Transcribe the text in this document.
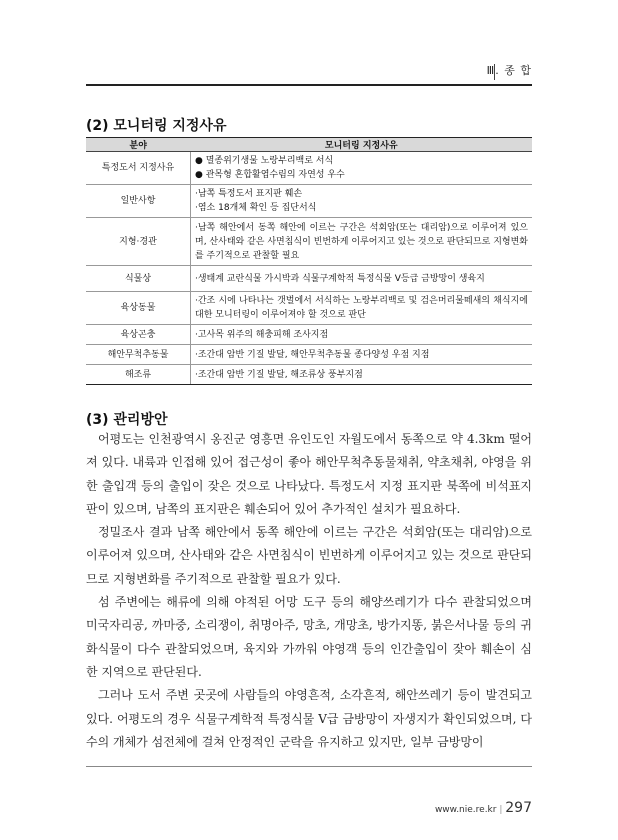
Ⅲ. 종 합
(2) 모니터링 지정사유
분야	모니터링 지정사유
특정도서 지정사유	● 멸종위기생물 노랑부리백로 서식
● 관목형 혼합활엽수림의 자연성 우수

일반사항	·남쪽 특정도서 표지판 훼손
·염소 18개체 확인 등 집단서식

지형·경관	·남쪽 해안에서 동쪽 해안에 이르는 구간은 석회암(또는 대리암)으로 이루어져 있으며, 산사태와 같은 사면침식이 빈번하게 이루어지고 있는 것으로 판단되므로 지형변화를 주기적으로 관찰할 필요

식물상	·생태계 교란식물 가시박과 식물구계학적 특정식물 V등급 금방망이 생육지

육상동물	·간조 시에 나타나는 갯벌에서 서식하는 노랑부리백로 및 검은머리물떼새의 채식지에 대한 모니터링이 이루어져야 할 것으로 판단

육상곤충	·고사목 위주의 해충피해 조사지점

해안무척추동물	·조간대 암반 기질 발달, 해안무척추동물 종다양성 우점 지점

해조류	·조간대 암반 기질 발달, 해조류상 풍부지점
(3) 관리방안

어평도는 인천광역시 옹진군 영흥면 유인도인 자월도에서 동쪽으로 약 4.3km 떨어져 있다. 내륙과 인접해 있어 접근성이 좋아 해안무척추동물채취, 약초채취, 야영을 위한 출입객 등의 출입이 잦은 것으로 나타났다. 특정도서 지정 표지판 북쪽에 비석표지판이 있으며, 남쪽의 표지판은 훼손되어 있어 추가적인 설치가 필요하다.

정밀조사 결과 남쪽 해안에서 동쪽 해안에 이르는 구간은 석회암(또는 대리암)으로 이루어져 있으며, 산사태와 같은 사면침식이 빈번하게 이루어지고 있는 것으로 판단되므로 지형변화를 주기적으로 관찰할 필요가 있다.

섬 주변에는 해류에 의해 야적된 어망 도구 등의 해양쓰레기가 다수 관찰되었으며 미국자리공, 까마중, 소리쟁이, 취명아주, 망초, 개망초, 방가지똥, 붉은서나물 등의 귀화식물이 다수 관찰되었으며, 육지와 가까워 야영객 등의 인간출입이 잦아 훼손이 심한 지역으로 판단된다.

그러나 도서 주변 곳곳에 사람들의 야영흔적, 소각흔적, 해안쓰레기 등이 발견되고 있다. 어평도의 경우 식물구계학적 특정식물 V급 금방망이 자생지가 확인되었으며, 다수의 개체가 섬전체에 걸쳐 안정적인 군락을 유지하고 있지만, 일부 금방망이

www.nie.re.kr | 297
